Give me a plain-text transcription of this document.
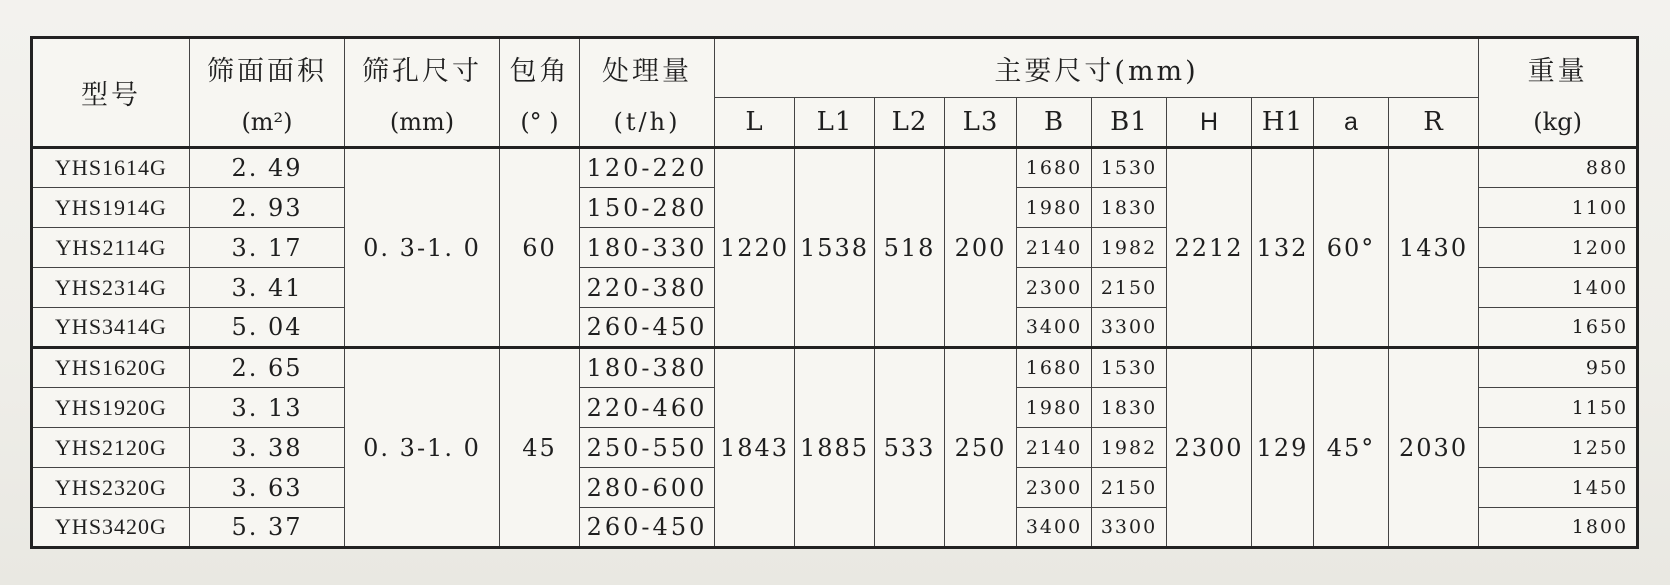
型号	筛面面积	筛孔尺寸	包角	处理量	主要尺寸(mm)										重量
	(m²)	(mm)	(° )	(t/h)	L	L1	L2	L3	B	B1	H	H1	a	R	(kg)
YHS1614G	2. 49	0. 3-1. 0	60	120-220	1220	1538	518	200	1680	1530	2212	132	60°	1430	880
YHS1914G	2. 93			150-280					1980	1830					1100
YHS2114G	3. 17			180-330					2140	1982					1200
YHS2314G	3. 41			220-380					2300	2150					1400
YHS3414G	5. 04			260-450					3400	3300					1650
YHS1620G	2. 65	0. 3-1. 0	45	180-380	1843	1885	533	250	1680	1530	2300	129	45°	2030	950
YHS1920G	3. 13			220-460					1980	1830					1150
YHS2120G	3. 38			250-550					2140	1982					1250
YHS2320G	3. 63			280-600					2300	2150					1450
YHS3420G	5. 37			260-450					3400	3300					1800
